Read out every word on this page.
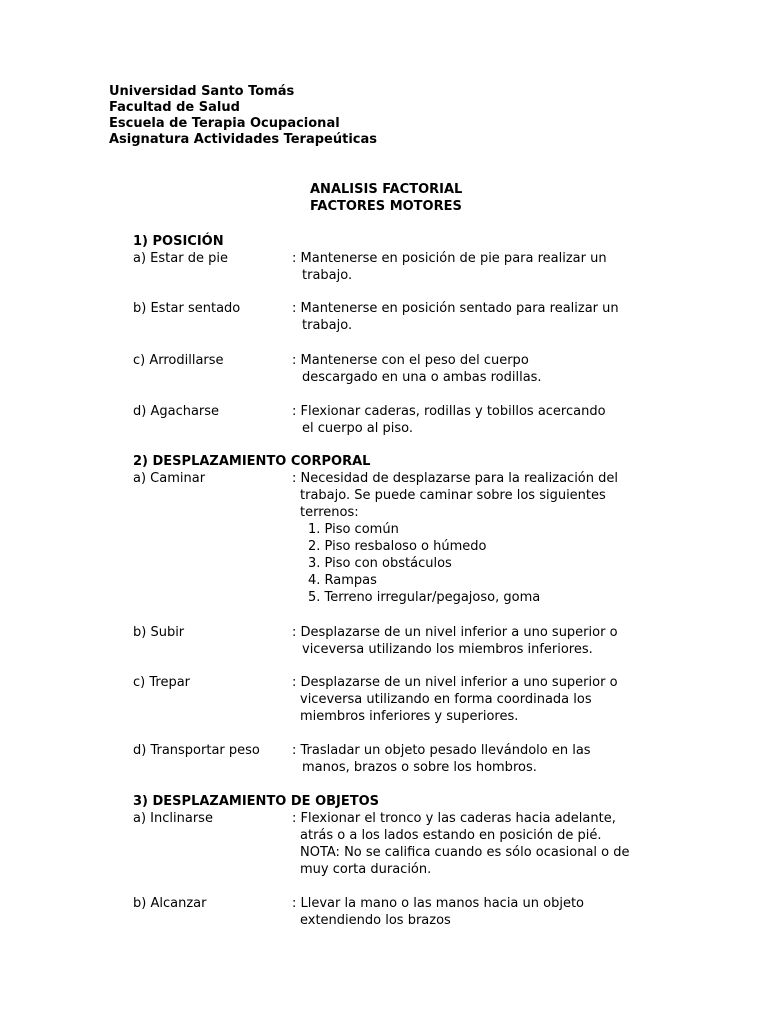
Universidad Santo Tomás
Facultad de Salud
Escuela de Terapia Ocupacional
Asignatura Actividades Terapeúticas
ANALISIS FACTORIAL
FACTORES MOTORES
1) POSICIÓN
a) Estar de pie	: Mantenerse en posición de pie para realizar un
trabajo.
b) Estar sentado	: Mantenerse en posición sentado para realizar un
trabajo.
c) Arrodillarse	: Mantenerse con el peso del cuerpo
descargado en una o ambas rodillas.
d) Agacharse	: Flexionar caderas, rodillas y tobillos acercando
el cuerpo al piso.
2) DESPLAZAMIENTO CORPORAL
a) Caminar	: Necesidad de desplazarse para la realización del
trabajo. Se puede caminar sobre los siguientes
terrenos:
1. Piso común
2. Piso resbaloso o húmedo
3. Piso con obstáculos
4. Rampas
5. Terreno irregular/pegajoso, goma
b) Subir	: Desplazarse de un nivel inferior a uno superior o
viceversa utilizando los miembros inferiores.
c) Trepar	: Desplazarse de un nivel inferior a uno superior o
viceversa utilizando en forma coordinada los
miembros inferiores y superiores.
d) Transportar peso : Trasladar un objeto pesado llevándolo en las
manos, brazos o sobre los hombros.
3) DESPLAZAMIENTO DE OBJETOS
a) Inclinarse	: Flexionar el tronco y las caderas hacia adelante,
atrás o a los lados estando en posición de pié.
NOTA: No se califica cuando es sólo ocasional o de
muy corta duración.
b) Alcanzar	: Llevar la mano o las manos hacia un objeto
extendiendo los brazos
